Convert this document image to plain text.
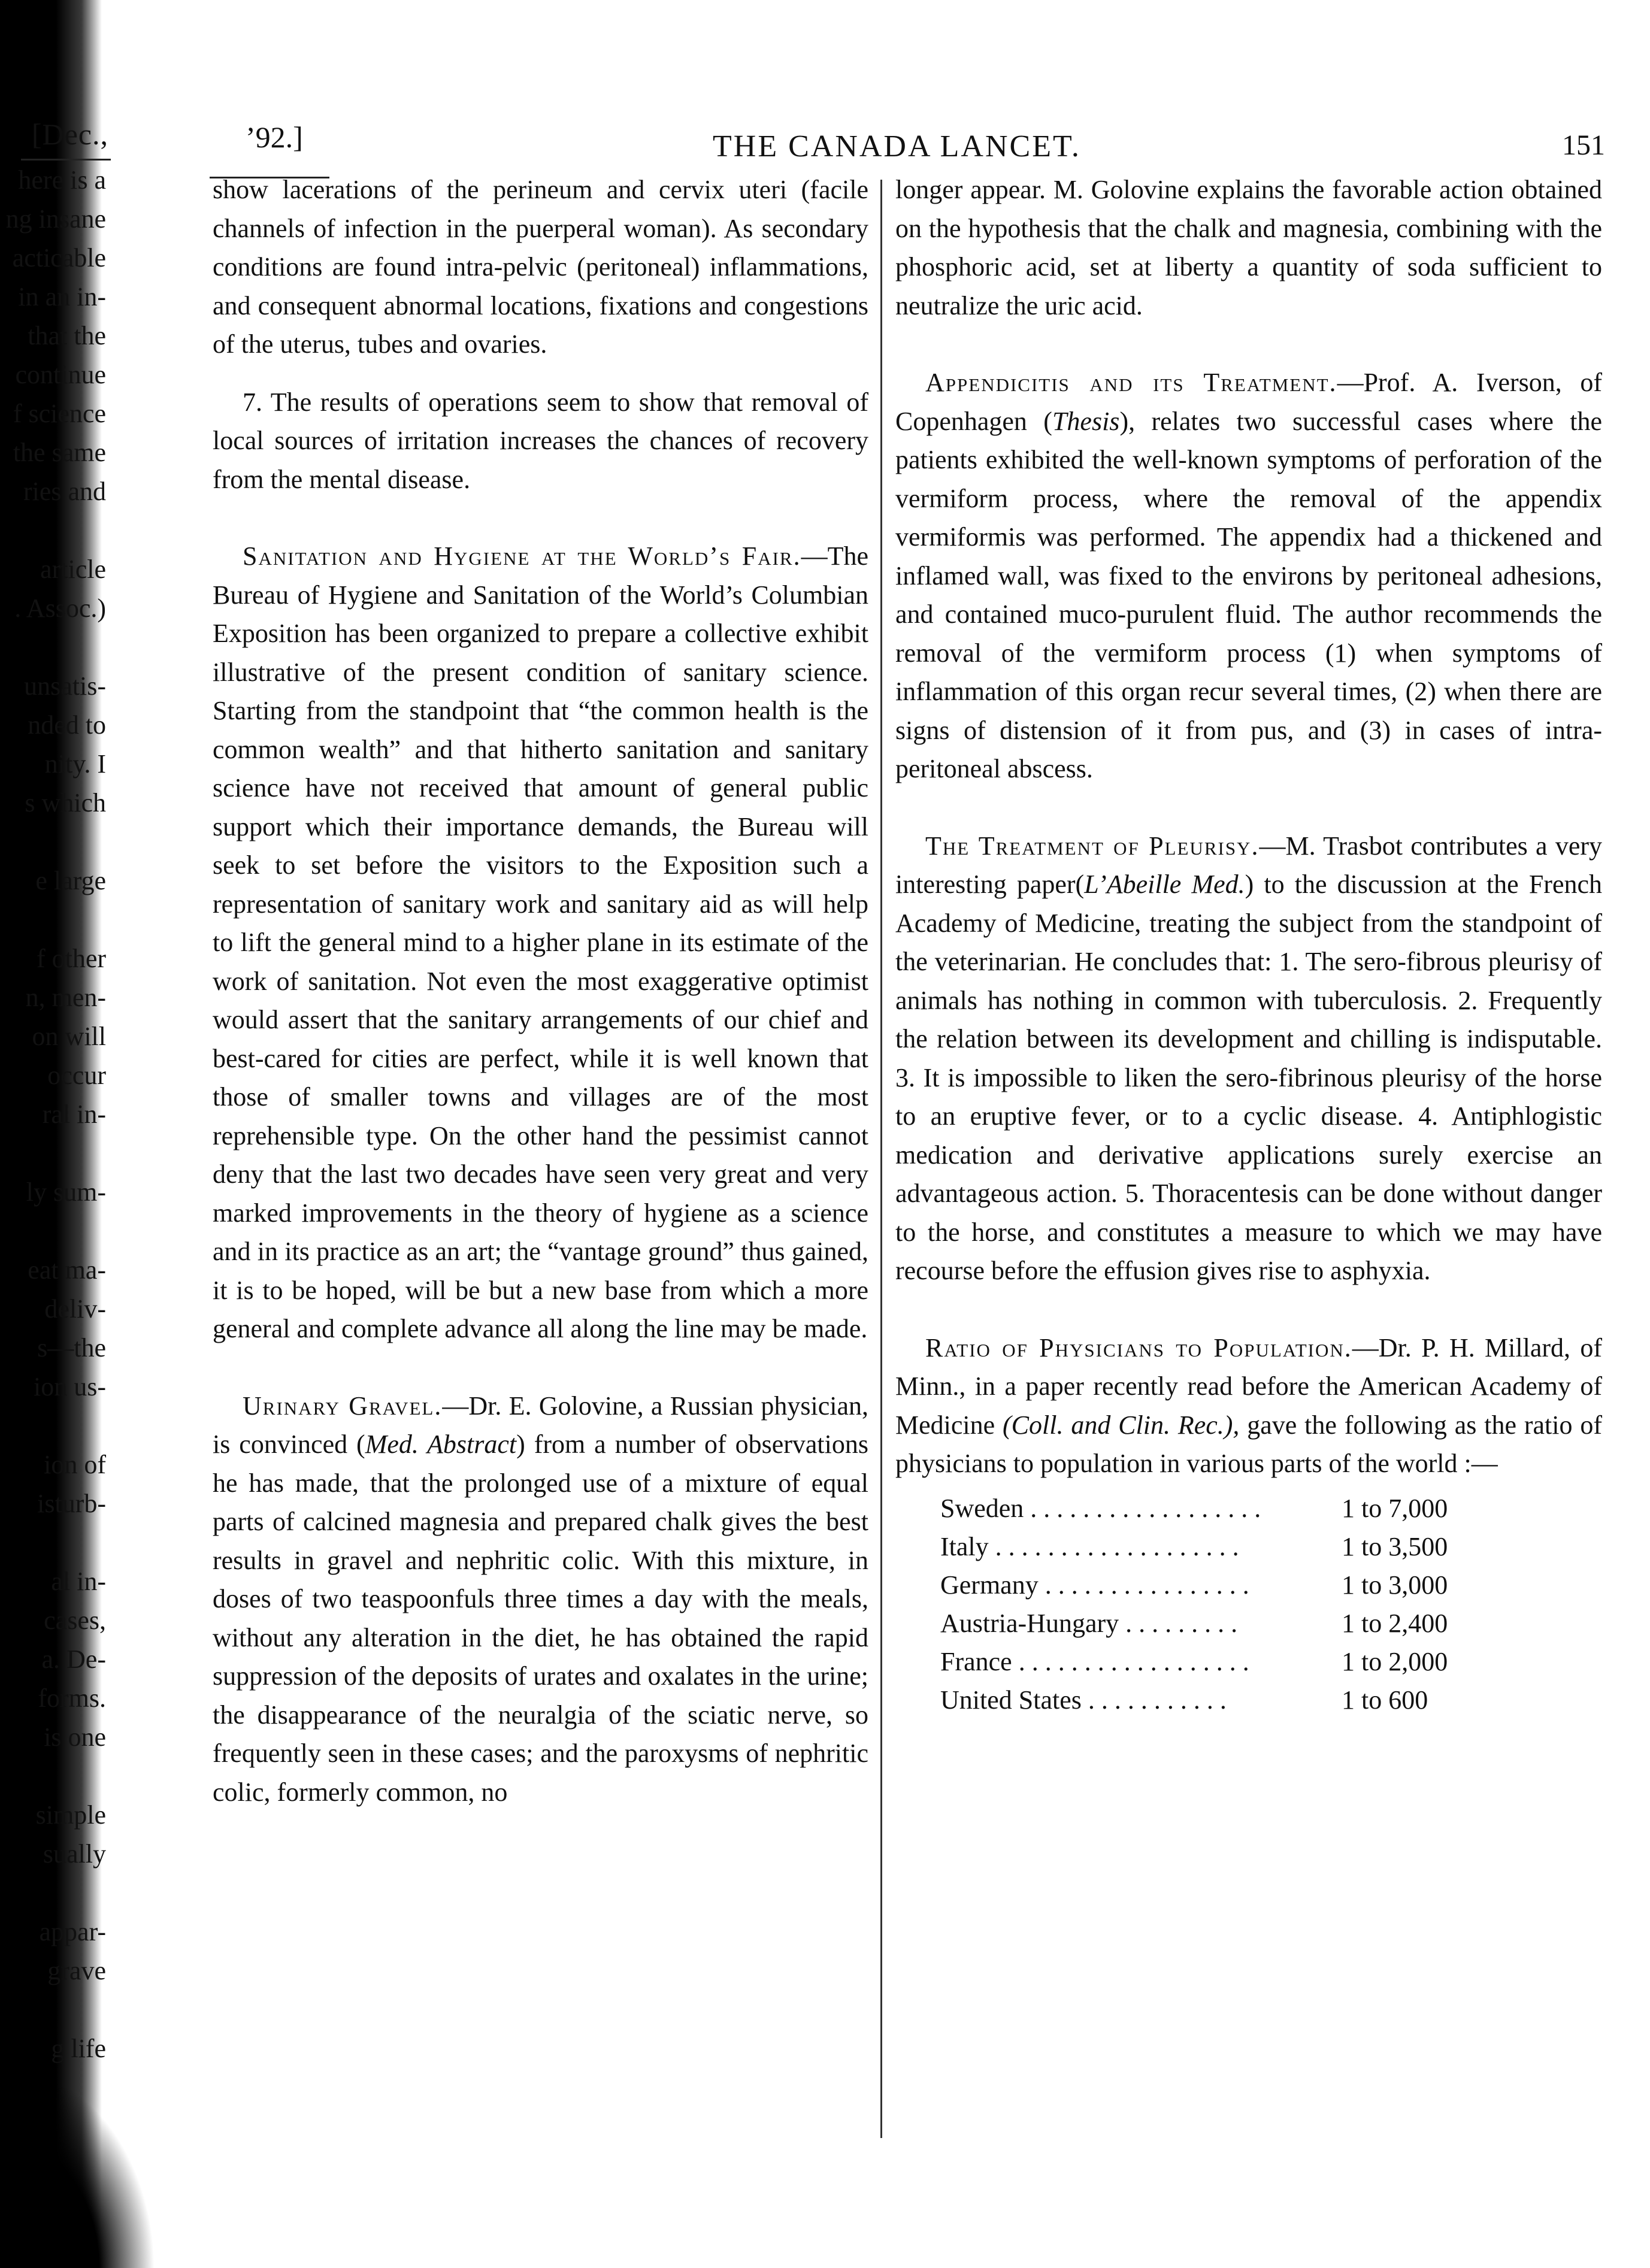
[Dec.,
here is a
ng insane
acticable
in an in-
that the
continue
f science
the same
ries and
article
. Assoc.)
unsatis-
nded to
nity. I
s which
e large
f other
n, men-
on will
occur
ral in-
ly sum-
eat ma-
deliv-
s—the
ion us-
ion of
isturb-
al in-
cases,
a. De-
forms.
is one
simple
sually
appar-
grave
g life
’92.]	THE CANADA LANCET.	151

show lacerations of the perineum and cervix uteri (facile channels of infection in the puerperal woman). As secondary conditions are found intra-pelvic (peritoneal) inflammations, and consequent abnormal locations, fixations and congestions of the uterus, tubes and ovaries.

7. The results of operations seem to show that removal of local sources of irritation increases the chances of recovery from the mental disease.

Sanitation and Hygiene at the World’s Fair.—The Bureau of Hygiene and Sanitation of the World’s Columbian Exposition has been organized to prepare a collective exhibit illustrative of the present condition of sanitary science. Starting from the standpoint that “the common health is the common wealth” and that hitherto sanitation and sanitary science have not received that amount of general public support which their importance demands, the Bureau will seek to set before the visitors to the Exposition such a representation of sanitary work and sanitary aid as will help to lift the general mind to a higher plane in its estimate of the work of sanitation. Not even the most exaggerative optimist would assert that the sanitary arrangements of our chief and best-cared for cities are perfect, while it is well known that those of smaller towns and villages are of the most reprehensible type. On the other hand the pessimist cannot deny that the last two decades have seen very great and very marked improvements in the theory of hygiene as a science and in its practice as an art; the “vantage ground” thus gained, it is to be hoped, will be but a new base from which a more general and complete advance all along the line may be made.

Urinary Gravel.—Dr. E. Golovine, a Russian physician, is convinced (Med. Abstract) from a number of observations he has made, that the prolonged use of a mixture of equal parts of calcined magnesia and prepared chalk gives the best results in gravel and nephritic colic. With this mixture, in doses of two teaspoonfuls three times a day with the meals, without any alteration in the diet, he has obtained the rapid suppression of the deposits of urates and oxalates in the urine; the disappearance of the neuralgia of the sciatic nerve, so frequently seen in these cases; and the paroxysms of nephritic colic, formerly common, no

longer appear. M. Golovine explains the favorable action obtained on the hypothesis that the chalk and magnesia, combining with the phosphoric acid, set at liberty a quantity of soda sufficient to neutralize the uric acid.

Appendicitis and its Treatment.—Prof. A. Iverson, of Copenhagen (Thesis), relates two successful cases where the patients exhibited the well-known symptoms of perforation of the vermiform process, where the removal of the appendix vermiformis was performed. The appendix had a thickened and inflamed wall, was fixed to the environs by peritoneal adhesions, and contained muco-purulent fluid. The author recommends the removal of the vermiform process (1) when symptoms of inflammation of this organ recur several times, (2) when there are signs of distension of it from pus, and (3) in cases of intra-peritoneal abscess.

The Treatment of Pleurisy.—M. Trasbot contributes a very interesting paper(L’Abeille Med.) to the discussion at the French Academy of Medicine, treating the subject from the standpoint of the veterinarian. He concludes that: 1. The sero-fibrous pleurisy of animals has nothing in common with tuberculosis. 2. Frequently the relation between its development and chilling is indisputable. 3. It is impossible to liken the sero-fibrinous pleurisy of the horse to an eruptive fever, or to a cyclic disease. 4. Antiphlogistic medication and derivative applications surely exercise an advantageous action. 5. Thoracentesis can be done without danger to the horse, and constitutes a measure to which we may have recourse before the effusion gives rise to asphyxia.

Ratio of Physicians to Population.—Dr. P. H. Millard, of Minn., in a paper recently read before the American Academy of Medicine (Coll. and Clin. Rec.), gave the following as the ratio of physicians to population in various parts of the world :—

Sweden . . . . . . . . . . . . . . . . . .	1 to 7,000
Italy . . . . . . . . . . . . . . . . . . .	1 to 3,500
Germany . . . . . . . . . . . . . . . .	1 to 3,000
Austria-Hungary . . . . . . . . .	1 to 2,400
France . . . . . . . . . . . . . . . . . .	1 to 2,000
United States . . . . . . . . . . .	1 to 600
